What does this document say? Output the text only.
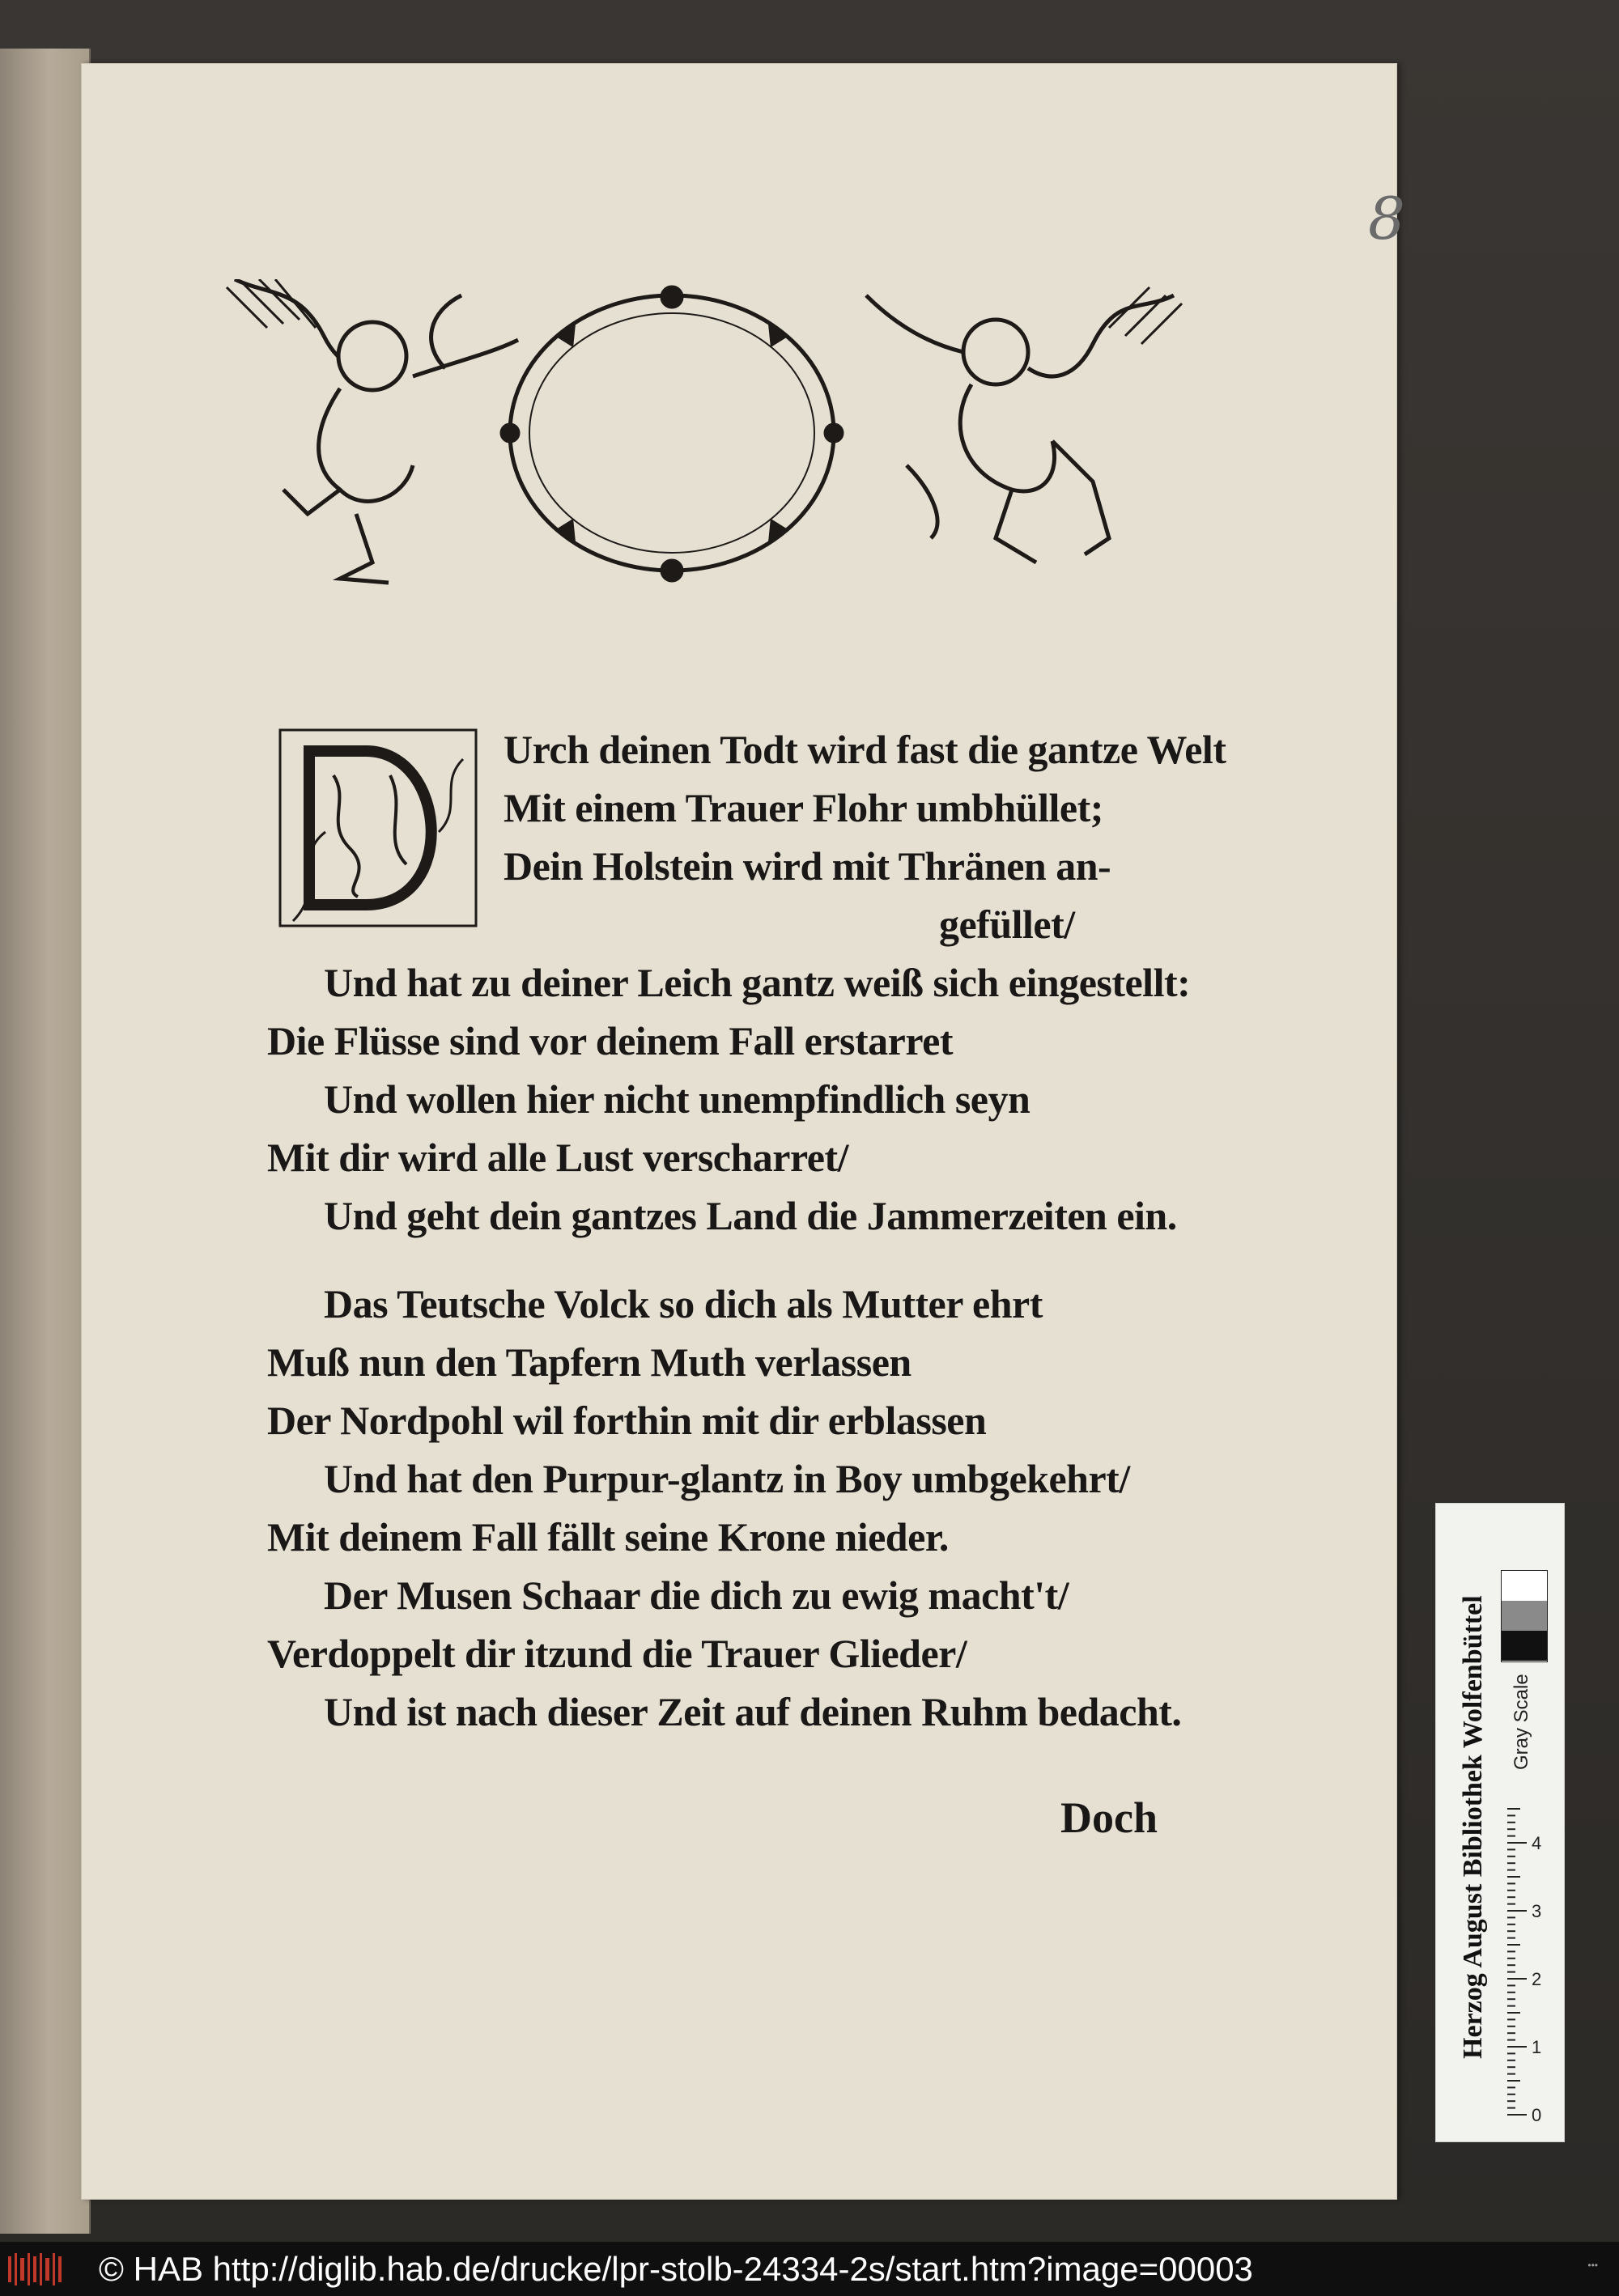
8
Urch deinen Todt wird fast die gantze Welt
Mit einem Trauer Flohr umbhüllet;
Dein Holstein wird mit Thränen an-
gefüllet/
Und hat zu deiner Leich gantz weiß sich eingestellt:
Die Flüsse sind vor deinem Fall erstarret
Und wollen hier nicht unempfindlich seyn
Mit dir wird alle Lust verscharret/
Und geht dein gantzes Land die Jammerzeiten ein.
Das Teutsche Volck so dich als Mutter ehrt
Muß nun den Tapfern Muth verlassen
Der Nordpohl wil forthin mit dir erblassen
Und hat den Purpur-glantz in Boy umbgekehrt/
Mit deinem Fall fällt seine Krone nieder.
Der Musen Schaar die dich zu ewig macht't/
Verdoppelt dir itzund die Trauer Glieder/
Und ist nach dieser Zeit auf deinen Ruhm bedacht.
Doch	Herzog August Bibliothek Wolfenbüttel	Gray Scale
0
1
2
3
4
© HAB http://diglib.hab.de/drucke/lpr-stolb-24334-2s/start.htm?image=00003	•••
